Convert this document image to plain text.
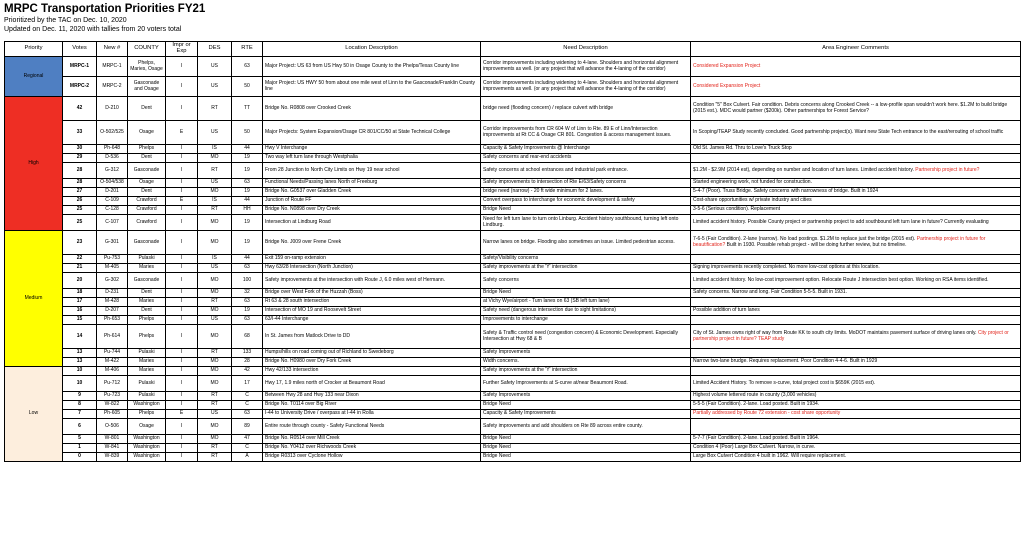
MRPC Transportation Priorities FY21
Prioritized by the TAC on Dec. 10, 2020
Updated on Dec. 11, 2020 with tallies from 20 voters total
Priority	Votes	New #	COUNTY	Impr or Exp	DES	RTE	Location Description	Need Description	Area Engineer Comments
Regional	MRPC-1	MRPC-1	Phelps, Maries, Osage	I	US	63	Major Project: US 63 from US Hwy 50 in Osage County to the Phelps/Texas County line	Corridor improvements including widening to 4-lane. Shoulders and horizontal alignment improvements as well. (or any project that will advance the 4-laning of the corridor)	Considered Expansion Project
	MRPC-2	MRPC-2	Gasconade and Osage	I	US	50	Major Project: US HWY 50 from about one mile west of Linn to the Gasconade/Franklin County line	Corridor improvements including widening to 4-lane. Shoulders and horizontal alignment improvements as well. (or any project that will advance the 4-laning of the corridor)	Considered Expansion Project
High	42	D-210	Dent	I	RT	TT	Bridge No. R0808 over Crooked Creek	bridge need (flooding concern) / replace culvert with bridge	Condition "5" Box Culvert. Fair condition. Debris concerns along Crooked Creek -- a low-profile span wouldn't work here. $1.2M to build bridge (2015 est.). MDC would partner ($200k). Other partnerships for Forest Service?
	33	O-502/525	Osage	E	US	50	Major Projects: System Expansion/Osage CR 801/CC/50 at State Technical College	Corridor improvements from CR 604 W of Linn to Rte. 89 E of Linn/Intersection improvements at Rt CC & Osage CR 801. Congestion & access management issues.	In Scoping/TEAP Study recently concluded. Good partnership project(s). Want new State Tech entrance to the east/rerouting of school traffic
	30	Ph-648	Phelps	I	IS	44	Hwy V Interchange	Capacity & Safety Improvements @ Interchange	Old St. James Rd. Thru to Love's Truck Stop
	29	D-536	Dent	I	MO	19	Two way left turn lane through Westphalia	Safety concerns and rear-end accidents	
	28	G-312	Gasconade	I	RT	19	From 28 Junction to North City Limits on Hwy 19 near school	Safety concerns at school entrances and industrial park entrance.	$1.2M - $2.9M (2014 est), depending on number and location of turn lanes. Limited accident history. Partnership project in future?
	28	O-504/538	Osage	I	US	63	Functional Needs/Passing lanes North of Freeburg	Safety improvements to intersection of Rte E/63/Safety concerns	Started engineering work, not funded for construction.
	27	D-201	Dent	I	MO	19	Bridge No. G0537 over Gladden Creek	bridge need (narrow) - 20 ft wide minimum for 2 lanes.	5-4-7 (Poor). Truss Bridge. Safety concerns with narrowness of bridge. Built in 1924
	26	C-109	Crawford	E	IS	44	Junction of Route FF	Convert overpass to interchange for economic development & safety	Cost-share opportunities w/ private industry and cities
	25	C-128	Crawford	I	RT	HH	Bridge No. N0898 over Dry Creek	Bridge Need	3-5-6 (Serious condition). Replacement
	25	C-107	Crawford	I	MO	19	Intersection at Lindburg Road	Need for left turn lane to turn onto Linburg. Accident history southbound, turning left onto Lindburg.	Limited accident history. Possible County project or partnership project to add southbound left turn lane in future? Currently evaluating
Medium	23	G-301	Gasconade	I	MO	19	Bridge No. J009 over Frene Creek	Narrow lanes on bridge. Flooding also sometimes an issue. Limited pedestrian access.	7-6-5 (Fair Condition). 2-lane (narrow). No load postings. $1.2M to replace just the bridge (2015 est). Partnership project in future for beautification? Built in 1930. Possible rehab project - will be doing further review, but no timeline.
	22	Pu-753	Pulaski	I	IS	44	Exit 159 on-ramp extension	Safety/Visibility concerns	
	21	M-405	Maries	I	US	63	Hwy 63/28 Intersection (North Junction)	Safety improvements at the 'Y' intersection	Signing improvements recently completed. No more low-cost options at this location.
	20	G-302	Gasconade	I	MO	100	Safety improvements at the intersection with Route J, 6.0 miles west of Hermann.	Safety concerns	Limited accident history. No low-cost improvement option. Relocate Route J intersection best option. Working on RSA items identified.
	18	D-231	Dent	I	MO	32	Bridge over West Fork of the Huzzah (Boss)	Bridge Need	Safety concerns. Narrow and long. Fair Condition 5-5-5. Built in 1931.
	17	M-428	Maries	I	RT	63	Rt 63 & 28 south intersection	at Vichy Wye/airport - Turn lanes on 63 (SB left turn lane)	
	16	D-207	Dent	I	MO	19	Intersection of MO 19 and Roosevelt Street	Safety need (dangerous intersection due to sight limitations)	Possible addition of turn lanes
	15	Ph-653	Phelps	I	US	63	63/I-44 Interchange	Improvements to interchange	
	14	Ph-614	Phelps	I	MO	68	In St. James from Matlock Drive to DD	Safety & Traffic control need (congestion concern) & Economic Development. Especially Intersection at Hwy 68 & B	City of St. James owns right of way from Route KK to south city limits. MoDOT maintains pavement surface of driving lanes only. City project or partnership project in future? TEAP study
	13	Pu-744	Pulaski	I	RT	133	Humps/hills on road coming out of Richland to Swedeborg	Safety Improvements	
	13	M-422	Maries	I	MO	28	Bridge No. H0980 over Dry Fork Creek	Width concerns.	Narrow two-lane brudge. Requires replacement. Poor Condition 4-4-6. Built in 1929
Low	10	M-406	Maries	I	MO	42	Hwy 42/133 intersection	Safety improvements at the 'Y' intersection	
	10	Pu-712	Pulaski	I	MO	17	Hwy 17, 1.9 miles north of Crocker at Beaumont Road	Further Safety Improvements at S-curve at/near Beaumont Road.	Limited Accident History. To remove s-curve, total project cost is $659K (2015 est).
	9	Pu-723	Pulaski	I	RT	C	Between Hwy 28 and Hwy 133 near Dixon	Safety Improvements	Highest volume lettered route in county (3,000 vehicles)
	8	W-822	Washington	I	RT	C	Bridge No. T0114 over Big River	Bridge Need	5-5-5 (Fair Condition). 2-lane. Load posted. Built in 1934.
	7	Ph-605	Phelps	E	US	63	I-44 to University Drive / overpass at I-44 in Rolla	Capacity & Safety Improvements	Partially addressed by Route 72 extension - cost share opportunity
	6	O-506	Osage	I	MO	89	Entire route through county - Safety Functional Needs	Safety improvements and add shoulders on Rte 89 across entire county.	
	5	W-801	Washington	I	MO	47	Bridge No. R0514 over Mill Creek	Bridge Need	5-7-7 (Fair Condition). 2-lane. Load posted. Built in 1964.
	1	W-841	Washington	I	RT	C	Bridge No. Y0412 over Richwoods Creek	Bridge Need	Condition 4 (Poor) Large Box Culvert. Narrow, in curve.
	0	W-839	Washington	I	RT	A	Bridge R0313 over Cyclone Hollow	Bridge Need	Large Box Culvert Condition 4 built in 1962. Will require replacement.
